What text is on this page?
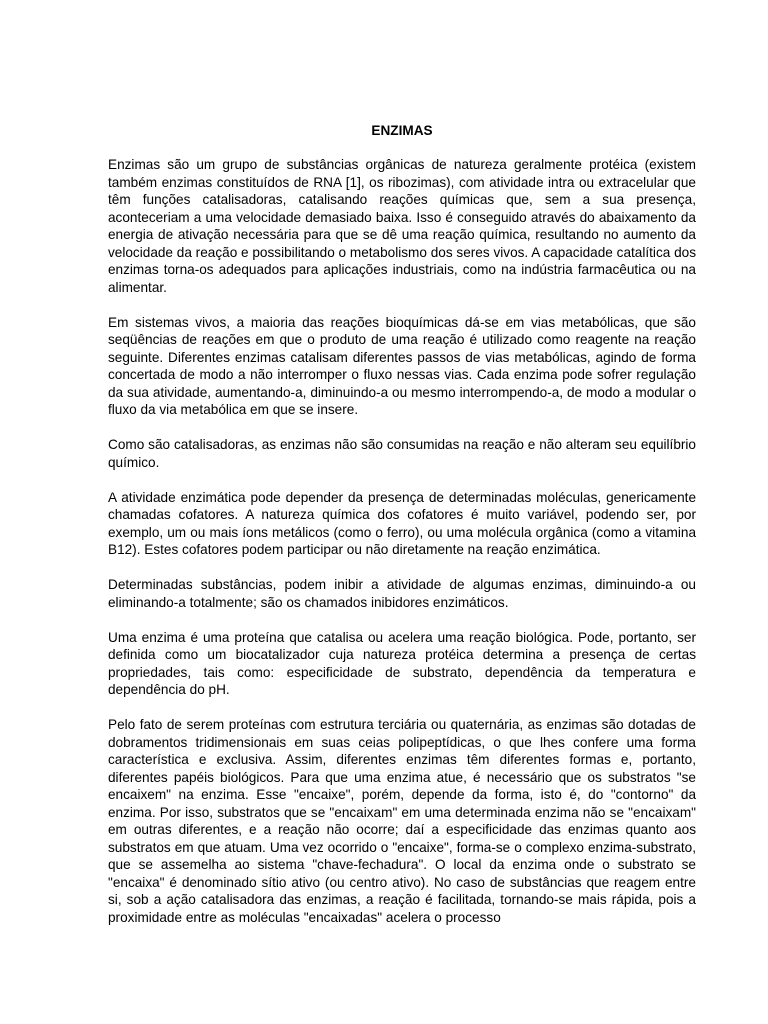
ENZIMAS

Enzimas são um grupo de substâncias orgânicas de natureza geralmente protéica (existem também enzimas constituídos de RNA [1], os ribozimas), com atividade intra ou extracelular que têm funções catalisadoras, catalisando reações químicas que, sem a sua presença, aconteceriam a uma velocidade demasiado baixa. Isso é conseguido através do abaixamento da energia de ativação necessária para que se dê uma reação química, resultando no aumento da velocidade da reação e possibilitando o metabolismo dos seres vivos. A capacidade catalítica dos enzimas torna-os adequados para aplicações industriais, como na indústria farmacêutica ou na alimentar.

Em sistemas vivos, a maioria das reações bioquímicas dá-se em vias metabólicas, que são seqüências de reações em que o produto de uma reação é utilizado como reagente na reação seguinte. Diferentes enzimas catalisam diferentes passos de vias metabólicas, agindo de forma concertada de modo a não interromper o fluxo nessas vias. Cada enzima pode sofrer regulação da sua atividade, aumentando-a, diminuindo-a ou mesmo interrompendo-a, de modo a modular o fluxo da via metabólica em que se insere.

Como são catalisadoras, as enzimas não são consumidas na reação e não alteram seu equilíbrio químico.

A atividade enzimática pode depender da presença de determinadas moléculas, genericamente chamadas cofatores. A natureza química dos cofatores é muito variável, podendo ser, por exemplo, um ou mais íons metálicos (como o ferro), ou uma molécula orgânica (como a vitamina B12). Estes cofatores podem participar ou não diretamente na reação enzimática.

Determinadas substâncias, podem inibir a atividade de algumas enzimas, diminuindo-a ou eliminando-a totalmente; são os chamados inibidores enzimáticos.

Uma enzima é uma proteína que catalisa ou acelera uma reação biológica. Pode, portanto, ser definida como um biocatalizador cuja natureza protéica determina a presença de certas propriedades, tais como: especificidade de substrato, dependência da temperatura e dependência do pH.

Pelo fato de serem proteínas com estrutura terciária ou quaternária, as enzimas são dotadas de dobramentos tridimensionais em suas ceias polipeptídicas, o que lhes confere uma forma característica e exclusiva. Assim, diferentes enzimas têm diferentes formas e, portanto, diferentes papéis biológicos. Para que uma enzima atue, é necessário que os substratos "se encaixem" na enzima. Esse "encaixe", porém, depende da forma, isto é, do "contorno" da enzima. Por isso, substratos que se "encaixam" em uma determinada enzima não se "encaixam" em outras diferentes, e a reação não ocorre; daí a especificidade das enzimas quanto aos substratos em que atuam. Uma vez ocorrido o "encaixe", forma-se o complexo enzima-substrato, que se assemelha ao sistema "chave-fechadura". O local da enzima onde o substrato se "encaixa" é denominado sítio ativo (ou centro ativo). No caso de substâncias que reagem entre si, sob a ação catalisadora das enzimas, a reação é facilitada, tornando-se mais rápida, pois a proximidade entre as moléculas "encaixadas" acelera o processo
